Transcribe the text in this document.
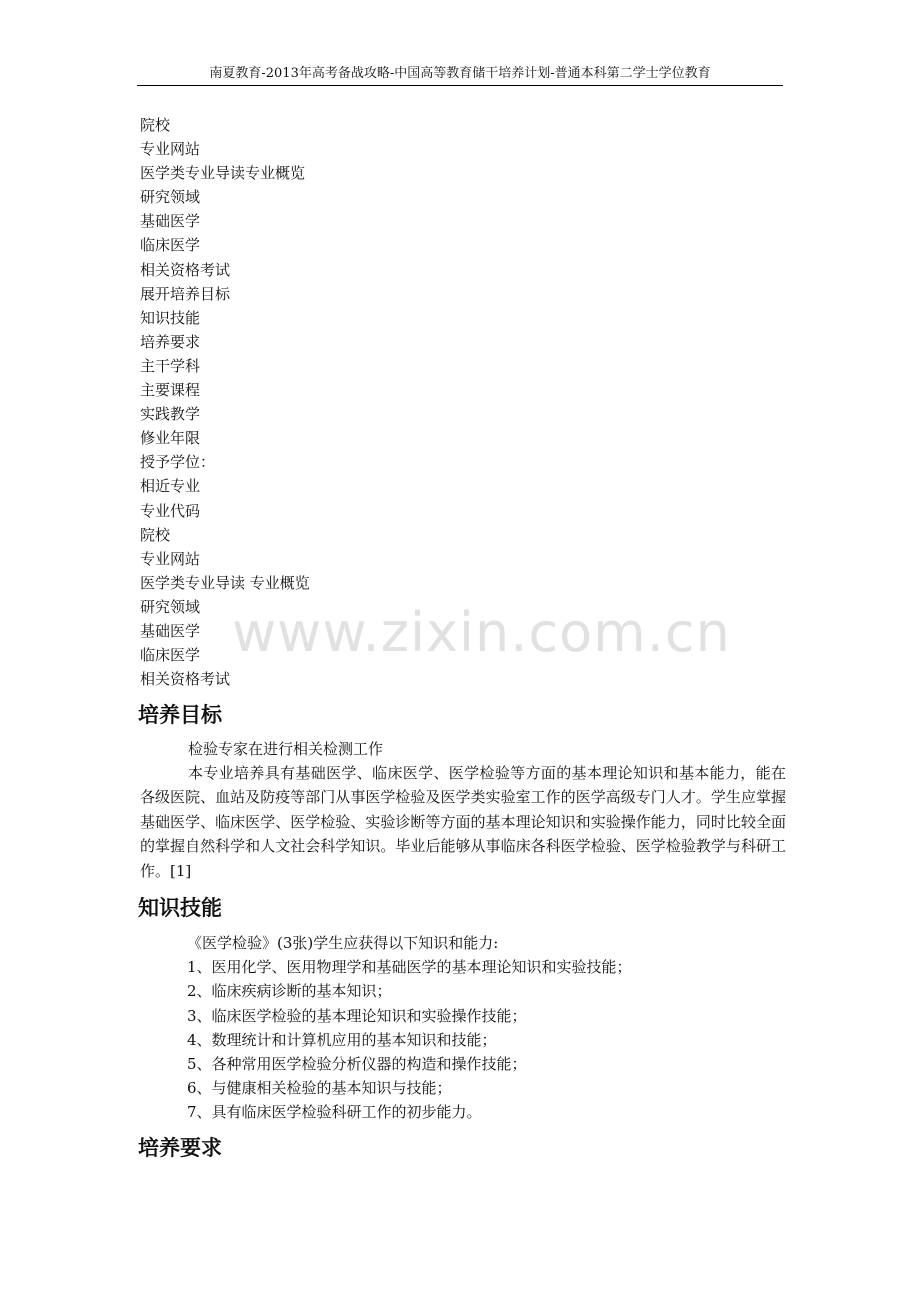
南夏教育-2013年高考备战攻略-中国高等教育储干培养计划-普通本科第二学士学位教育
院校
专业网站
医学类专业导读专业概览
研究领域
基础医学
临床医学
相关资格考试
展开培养目标
知识技能
培养要求
主干学科
主要课程
实践教学
修业年限
授予学位：
相近专业
专业代码
院校
专业网站
医学类专业导读 专业概览
研究领域
基础医学
临床医学
相关资格考试
www.zixin.com.cn
培养目标

检验专家在进行相关检测工作

本专业培养具有基础医学、临床医学、医学检验等方面的基本理论知识和基本能力，能在各级医院、血站及防疫等部门从事医学检验及医学类实验室工作的医学高级专门人才。学生应掌握基础医学、临床医学、医学检验、实验诊断等方面的基本理论知识和实验操作能力，同时比较全面的掌握自然科学和人文社会科学知识。毕业后能够从事临床各科医学检验、医学检验教学与科研工作。[1]

知识技能
《医学检验》(3张)学生应获得以下知识和能力:
1、医用化学、医用物理学和基础医学的基本理论知识和实验技能；
2、临床疾病诊断的基本知识；
3、临床医学检验的基本理论知识和实验操作技能；
4、数理统计和计算机应用的基本知识和技能；
5、各种常用医学检验分析仪器的构造和操作技能；
6、与健康相关检验的基本知识与技能；
7、具有临床医学检验科研工作的初步能力。
培养要求
